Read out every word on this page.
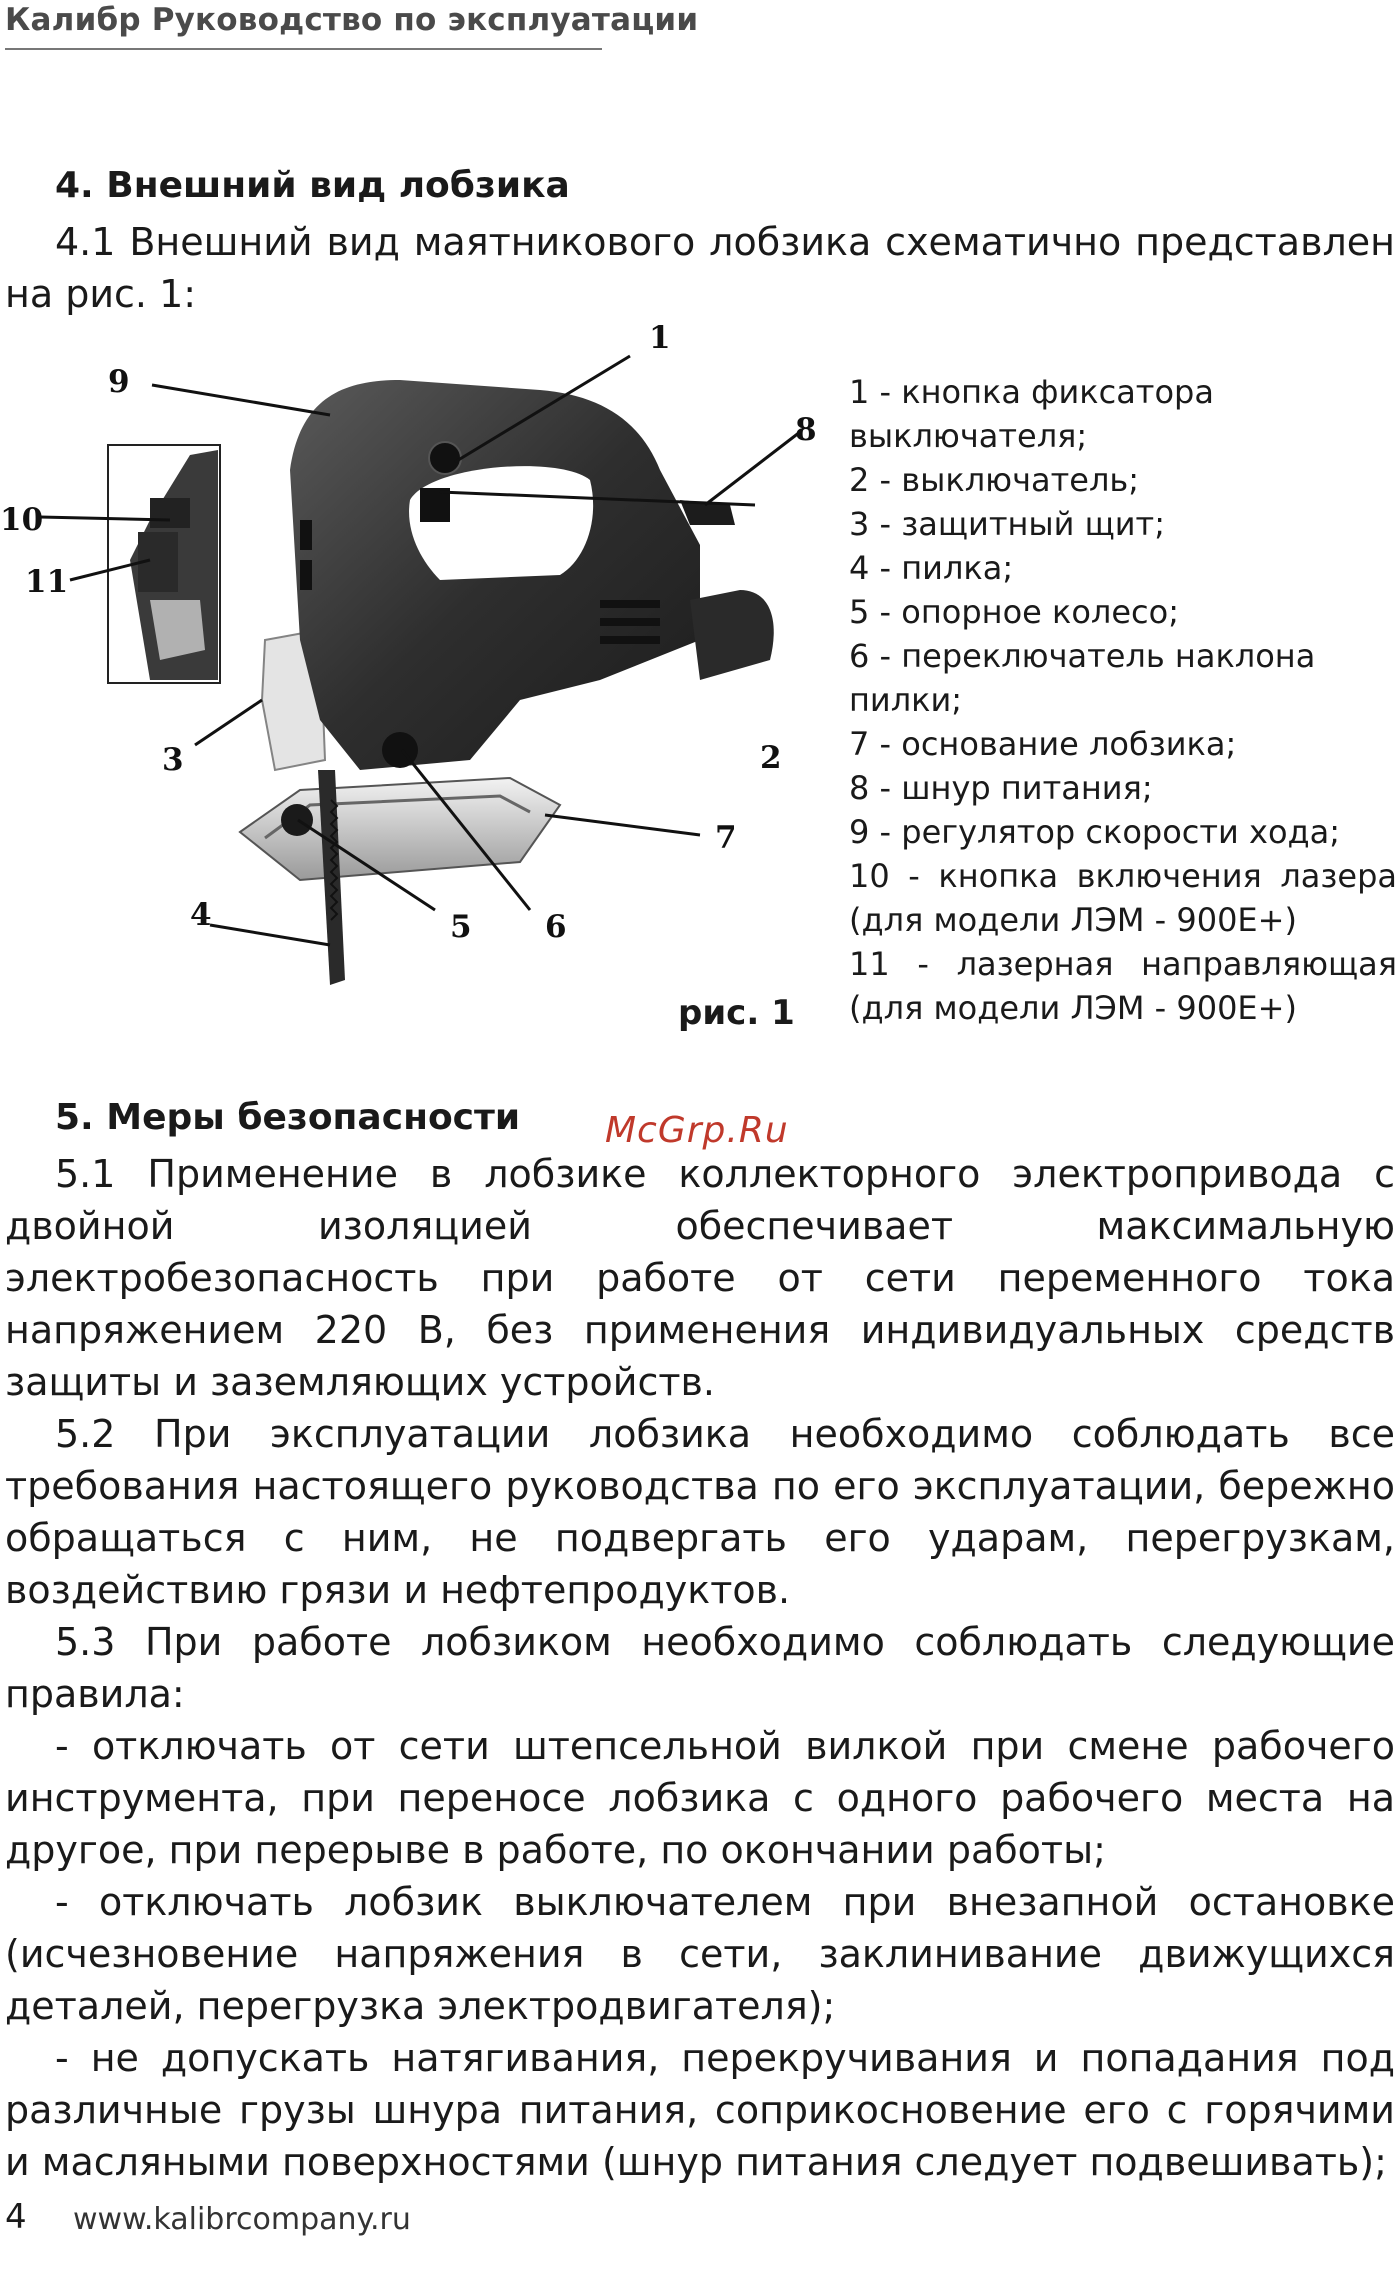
Калибр Руководство по эксплуатации
4. Внешний вид лобзика
4.1 Внешний вид маятникового лобзика схематично представлен на рис. 1:
1
2
3
4	5 6
7
8
9
10
11
1 - кнопка фиксатора выключателя;
2 - выключатель;
3 - защитный щит;
4 - пилка;
5 - опорное колесо;
6 - переключатель наклона пилки;
7 - основание лобзика;
8 - шнур питания;
9 - регулятор скорости хода;
10 - кнопка включения лазера (для модели ЛЭМ - 900Е+)
11 - лазерная направляющая (для модели ЛЭМ - 900Е+)
рис. 1
5. Меры безопасности McGrp.Ru

5.1 Применение в лобзике коллекторного электропривода с двойной изоляцией обеспечивает максимальную электробезопасность при работе от сети переменного тока напряжением 220 В, без применения индивидуальных средств защиты и заземляющих устройств.

5.2 При эксплуатации лобзика необходимо соблюдать все требования настоящего руководства по его эксплуатации, бережно обращаться с ним, не подвергать его ударам, перегрузкам, воздействию грязи и нефтепродуктов.

5.3 При работе лобзиком необходимо соблюдать следующие правила:

- отключать от сети штепсельной вилкой при смене рабочего инструмента, при переносе лобзика с одного рабочего места на другое, при перерыве в работе, по окончании работы;

- отключать лобзик выключателем при внезапной остановке (исчезновение напряжения в сети, заклинивание движущихся деталей, перегрузка электродвигателя);

- не допускать натягивания, перекручивания и попадания под различные грузы шнура питания, соприкосновение его с горячими и масляными поверхностями (шнур питания следует подвешивать);

4 www.kalibrcompany.ru
